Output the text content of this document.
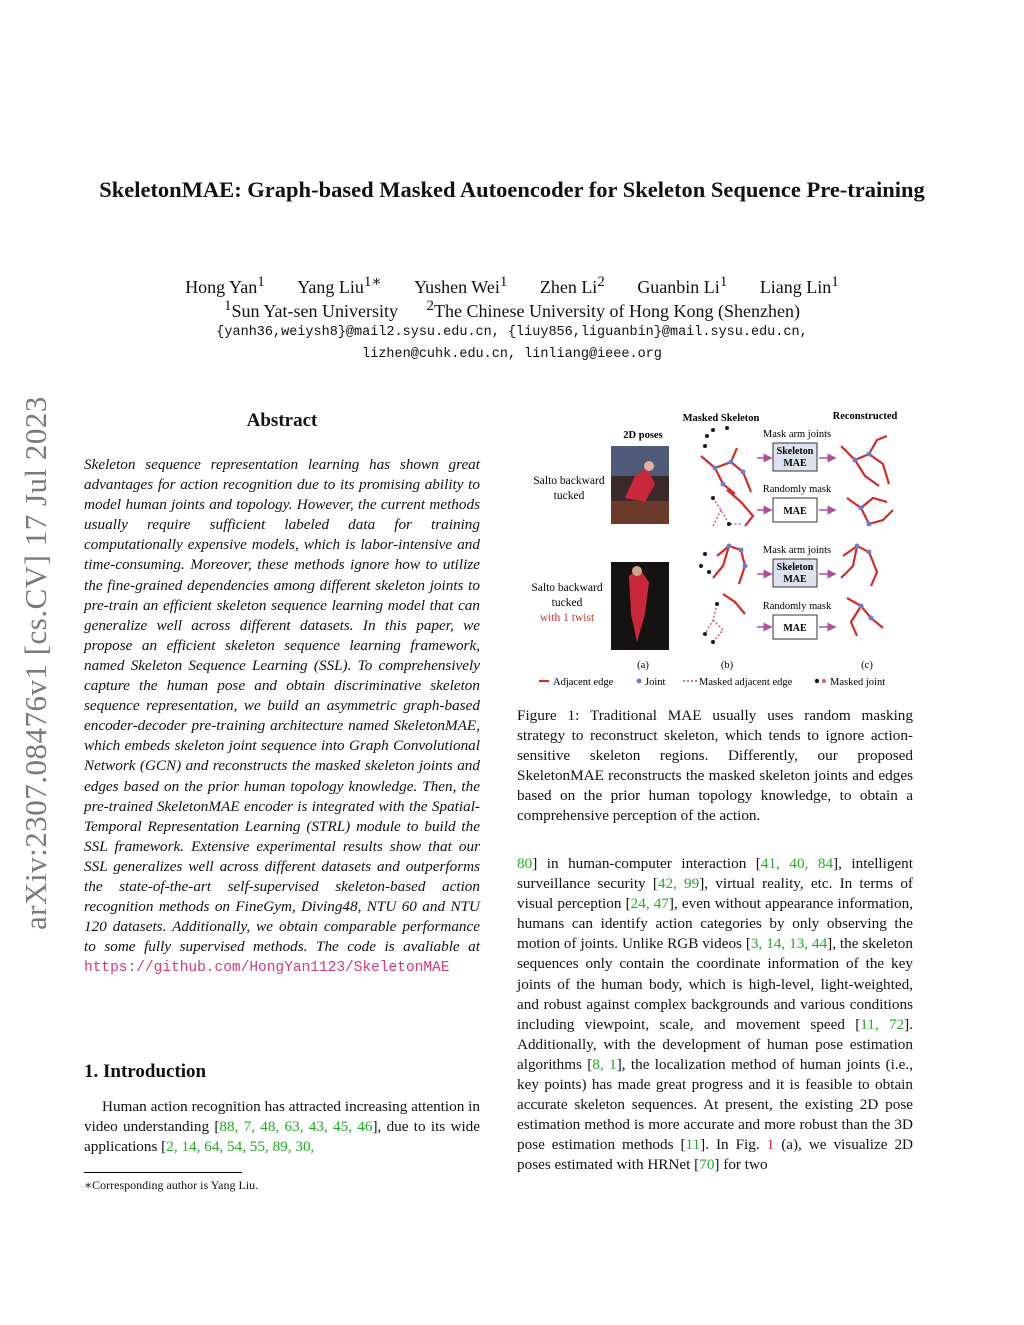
SkeletonMAE: Graph-based Masked Autoencoder for Skeleton Sequence Pre-training
Hong Yan$^1$ Yang Liu$^{1∗}$ Yushen Wei$^1$ Zhen Li$^2$ Guanbin Li$^1$ Liang Lin$^1$
$^1$Sun Yat-sen University $^2$The Chinese University of Hong Kong (Shenzhen)
{yanh36,weiysh8}@mail2.sysu.edu.cn, {liuy856,liguanbin}@mail.sysu.edu.cn,
lizhen@cuhk.edu.cn, linliang@ieee.org
arXiv:2307.08476v1 [cs.CV] 17 Jul 2023	Abstract
Skeleton sequence representation learning has shown great advantages for action recognition due to its promising ability to model human joints and topology. However, the current methods usually require sufficient labeled data for training computationally expensive models, which is labor-intensive and time-consuming. Moreover, these methods ignore how to utilize the fine-grained dependencies among different skeleton joints to pre-train an efficient skeleton sequence learning model that can generalize well across different datasets. In this paper, we propose an efficient skeleton sequence learning framework, named Skeleton Sequence Learning (SSL). To comprehensively capture the human pose and obtain discriminative skeleton sequence representation, we build an asymmetric graph-based encoder-decoder pre-training architecture named SkeletonMAE, which embeds skeleton joint sequence into Graph Convolutional Network (GCN) and reconstructs the masked skeleton joints and edges based on the prior human topology knowledge. Then, the pre-trained SkeletonMAE encoder is integrated with the Spatial-Temporal Representation Learning (STRL) module to build the SSL framework. Extensive experimental results show that our SSL generalizes well across different datasets and outperforms the state-of-the-art self-supervised skeleton-based action recognition methods on FineGym, Diving48, NTU 60 and NTU 120 datasets. Additionally, we obtain comparable performance to some fully supervised methods. The code is avaliable at https://github.com/HongYan1123/SkeletonMAE
1. Introduction
Human action recognition has attracted increasing attention in video understanding [88, 7, 48, 63, 43, 45, 46], due to its wide applications [2, 14, 64, 54, 55, 89, 30,
∗Corresponding author is Yang Liu.
Masked Skeleton	Reconstructed
2D poses
Salto backward
tucked
Salto backward
tucked
with 1 twist
Mask arm joints
Skeleton
MAE
Randomly mask
MAE
Mask arm joints
Skeleton
MAE
Randomly mask
MAE
(a)	(b)	(c)
Adjacent edge	Joint	Masked adjacent edge	Masked joint
Figure 1: Traditional MAE usually uses random masking strategy to reconstruct skeleton, which tends to ignore action-sensitive skeleton regions. Differently, our proposed SkeletonMAE reconstructs the masked skeleton joints and edges based on the prior human topology knowledge, to obtain a comprehensive perception of the action.
80] in human-computer interaction [41, 40, 84], intelligent surveillance security [42, 99], virtual reality, etc. In terms of visual perception [24, 47], even without appearance information, humans can identify action categories by only observing the motion of joints. Unlike RGB videos [3, 14, 13, 44], the skeleton sequences only contain the coordinate information of the key joints of the human body, which is high-level, light-weighted, and robust against complex backgrounds and various conditions including viewpoint, scale, and movement speed [11, 72]. Additionally, with the development of human pose estimation algorithms [8, 1], the localization method of human joints (i.e., key points) has made great progress and it is feasible to obtain accurate skeleton sequences. At present, the existing 2D pose estimation method is more accurate and more robust than the 3D pose estimation methods [11]. In Fig. 1 (a), we visualize 2D poses estimated with HRNet [70] for two
